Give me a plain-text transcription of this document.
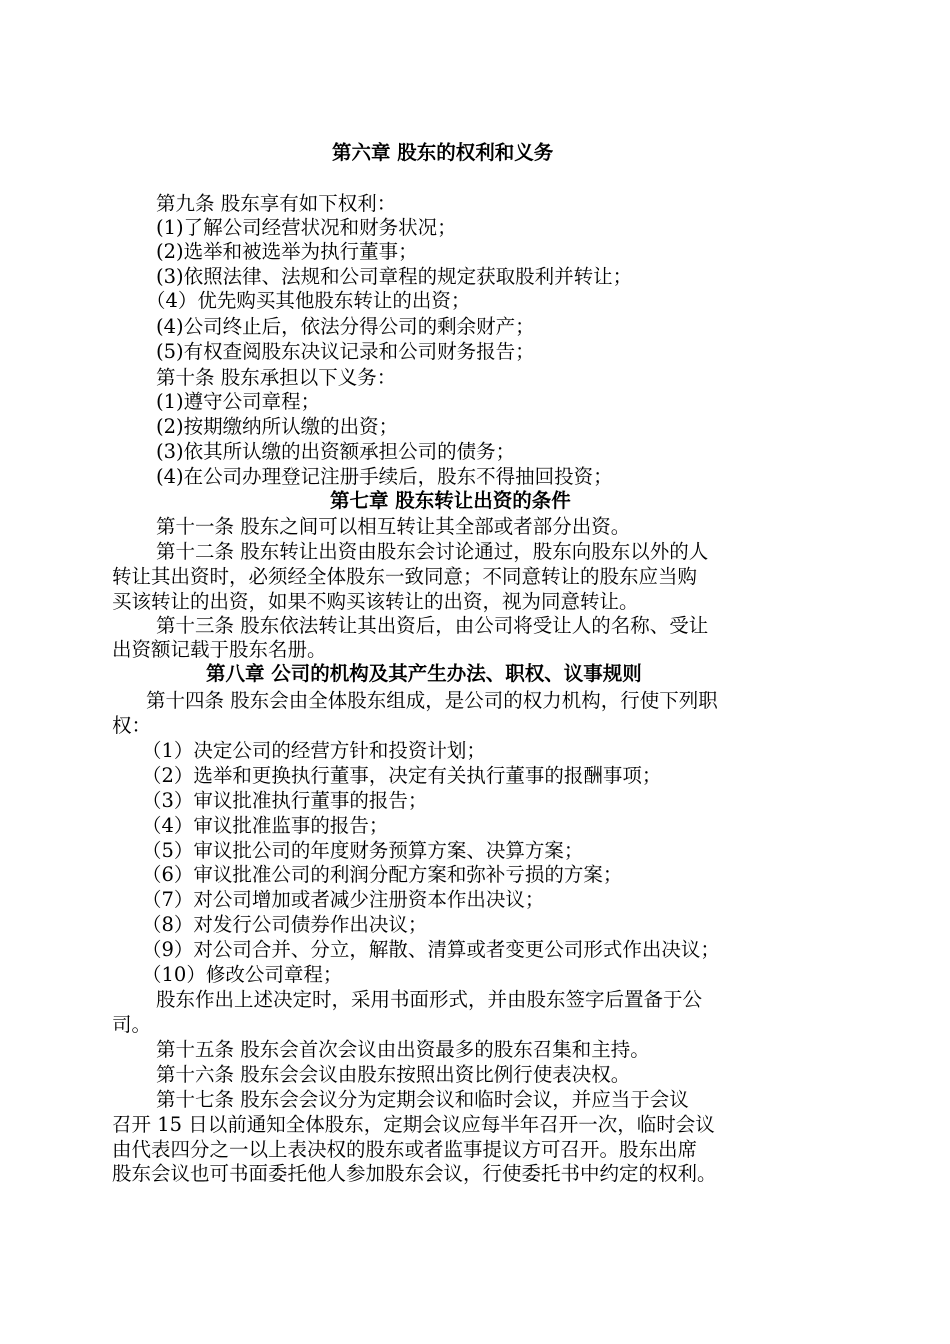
第六章 股东的权利和义务
第九条 股东享有如下权利：
(1)了解公司经营状况和财务状况；
(2)选举和被选举为执行董事；
(3)依照法律、法规和公司章程的规定获取股利并转让；
（4）优先购买其他股东转让的出资；
(4)公司终止后，依法分得公司的剩余财产；
(5)有权查阅股东决议记录和公司财务报告；
第十条 股东承担以下义务：
(1)遵守公司章程；
(2)按期缴纳所认缴的出资；
(3)依其所认缴的出资额承担公司的债务；
(4)在公司办理登记注册手续后，股东不得抽回投资；
第七章 股东转让出资的条件
第十一条 股东之间可以相互转让其全部或者部分出资。
第十二条 股东转让出资由股东会讨论通过，股东向股东以外的人
转让其出资时，必须经全体股东一致同意；不同意转让的股东应当购
买该转让的出资，如果不购买该转让的出资，视为同意转让。
第十三条 股东依法转让其出资后，由公司将受让人的名称、受让
出资额记载于股东名册。
第八章 公司的机构及其产生办法、职权、议事规则
第十四条 股东会由全体股东组成，是公司的权力机构，行使下列职
权：
（1）决定公司的经营方针和投资计划；
（2）选举和更换执行董事，决定有关执行董事的报酬事项；
（3）审议批准执行董事的报告；
（4）审议批准监事的报告；
（5）审议批公司的年度财务预算方案、决算方案；
（6）审议批准公司的利润分配方案和弥补亏损的方案；
（7）对公司增加或者减少注册资本作出决议；
（8）对发行公司债券作出决议；
（9）对公司合并、分立，解散、清算或者变更公司形式作出决议；
（10）修改公司章程；
股东作出上述决定时，采用书面形式，并由股东签字后置备于公
司。
第十五条 股东会首次会议由出资最多的股东召集和主持。
第十六条 股东会会议由股东按照出资比例行使表决权。
第十七条 股东会会议分为定期会议和临时会议，并应当于会议
召开 15 日以前通知全体股东，定期会议应每半年召开一次，临时会议
由代表四分之一以上表决权的股东或者监事提议方可召开。股东出席
股东会议也可书面委托他人参加股东会议，行使委托书中约定的权利。
